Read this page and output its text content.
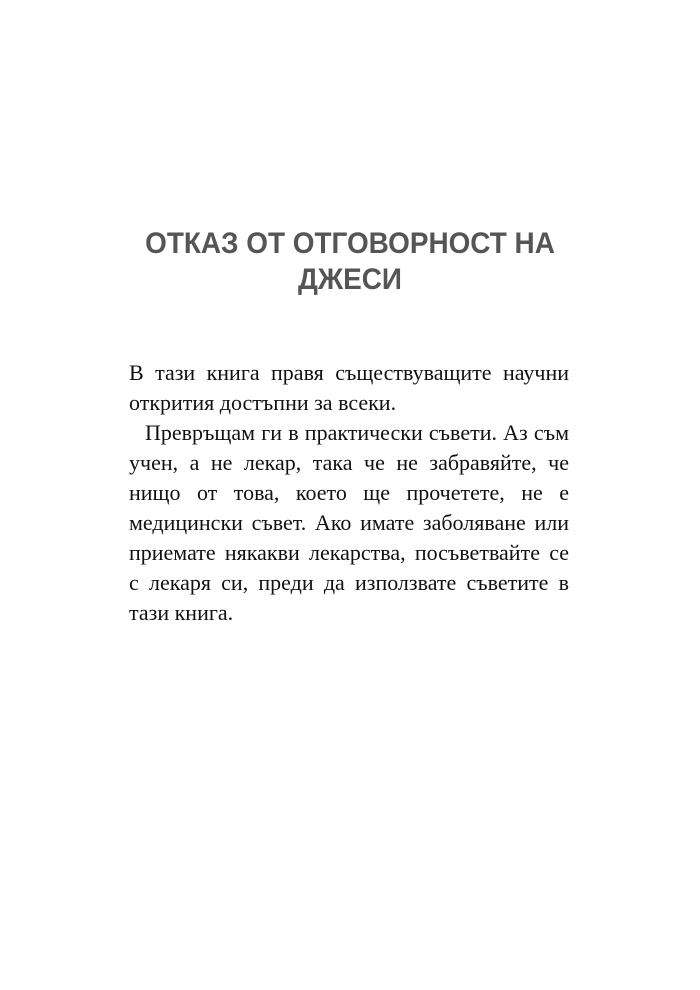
ОТКАЗ ОТ ОТГОВОРНОСТ НА
ДЖЕСИ

В тази книга правя съществуващите научни открития достъпни за всеки.

Превръщам ги в практически съвети. Аз съм учен, а не лекар, така че не забравяйте, че нищо от това, което ще прочетете, не е медицински съвет. Ако имате заболяване или приемате някакви лекарства, посъветвайте се с лекаря си, преди да използвате съветите в тази книга.
